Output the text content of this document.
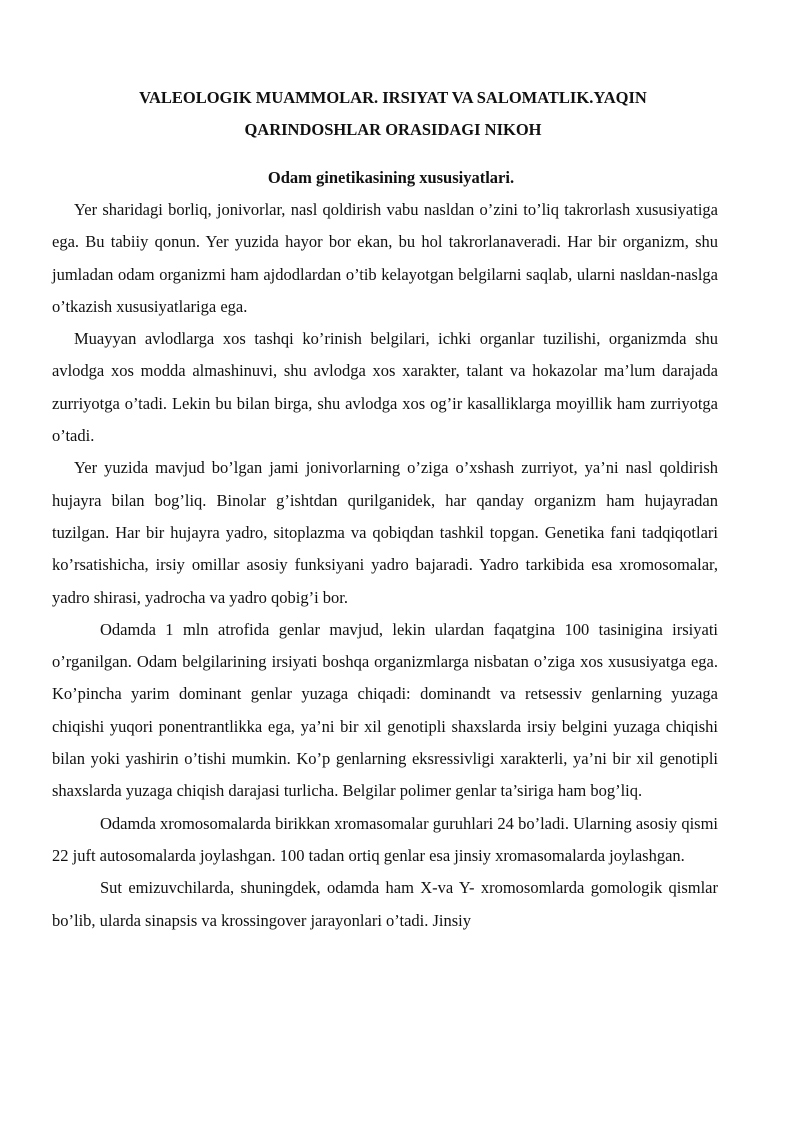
VALEOLOGIK MUAMMOLAR. IRSIYAT VA SALOMATLIK.YAQIN

QARINDOSHLAR ORASIDAGI NIKOH

Odam ginetikasining xususiyatlari.

Yer sharidagi borliq, jonivorlar, nasl qoldirish vabu nasldan o’zini to’liq takrorlash xususiyatiga ega. Bu tabiiy qonun. Yer yuzida hayor bor ekan, bu hol takrorlanaveradi. Har bir organizm, shu jumladan odam organizmi ham ajdodlardan o’tib kelayotgan belgilarni saqlab, ularni nasldan-naslga o’tkazish xususiyatlariga ega.

Muayyan avlodlarga xos tashqi ko’rinish belgilari, ichki organlar tuzilishi, organizmda shu avlodga xos modda almashinuvi, shu avlodga xos xarakter, talant va hokazolar ma’lum darajada zurriyotga o’tadi. Lekin bu bilan birga, shu avlodga xos og’ir kasalliklarga moyillik ham zurriyotga o’tadi.

Yer yuzida mavjud bo’lgan jami jonivorlarning o’ziga o’xshash zurriyot, ya’ni nasl qoldirish hujayra bilan bog’liq. Binolar g’ishtdan qurilganidek, har qanday organizm ham hujayradan tuzilgan. Har bir hujayra yadro, sitoplazma va qobiqdan tashkil topgan. Genetika fani tadqiqotlari ko’rsatishicha, irsiy omillar asosiy funksiyani yadro bajaradi. Yadro tarkibida esa xromosomalar, yadro shirasi, yadrocha va yadro qobig’i bor.

Odamda 1 mln atrofida genlar mavjud, lekin ulardan faqatgina 100 tasinigina irsiyati o’rganilgan. Odam belgilarining irsiyati boshqa organizmlarga nisbatan o’ziga xos xususiyatga ega. Ko’pincha yarim dominant genlar yuzaga chiqadi: dominandt va retsessiv genlarning yuzaga chiqishi yuqori ponentrantlikka ega, ya’ni bir xil genotipli shaxslarda irsiy belgini yuzaga chiqishi bilan yoki yashirin o’tishi mumkin. Ko’p genlarning eksressivligi xarakterli, ya’ni bir xil genotipli shaxslarda yuzaga chiqish darajasi turlicha. Belgilar polimer genlar ta’siriga ham bog’liq.

Odamda xromosomalarda birikkan xromasomalar guruhlari 24 bo’ladi. Ularning asosiy qismi 22 juft autosomalarda joylashgan. 100 tadan ortiq genlar esa jinsiy xromasomalarda joylashgan.

Sut emizuvchilarda, shuningdek, odamda ham X-va Y- xromosomlarda gomologik qismlar bo’lib, ularda sinapsis va krossingover jarayonlari o’tadi. Jinsiy
